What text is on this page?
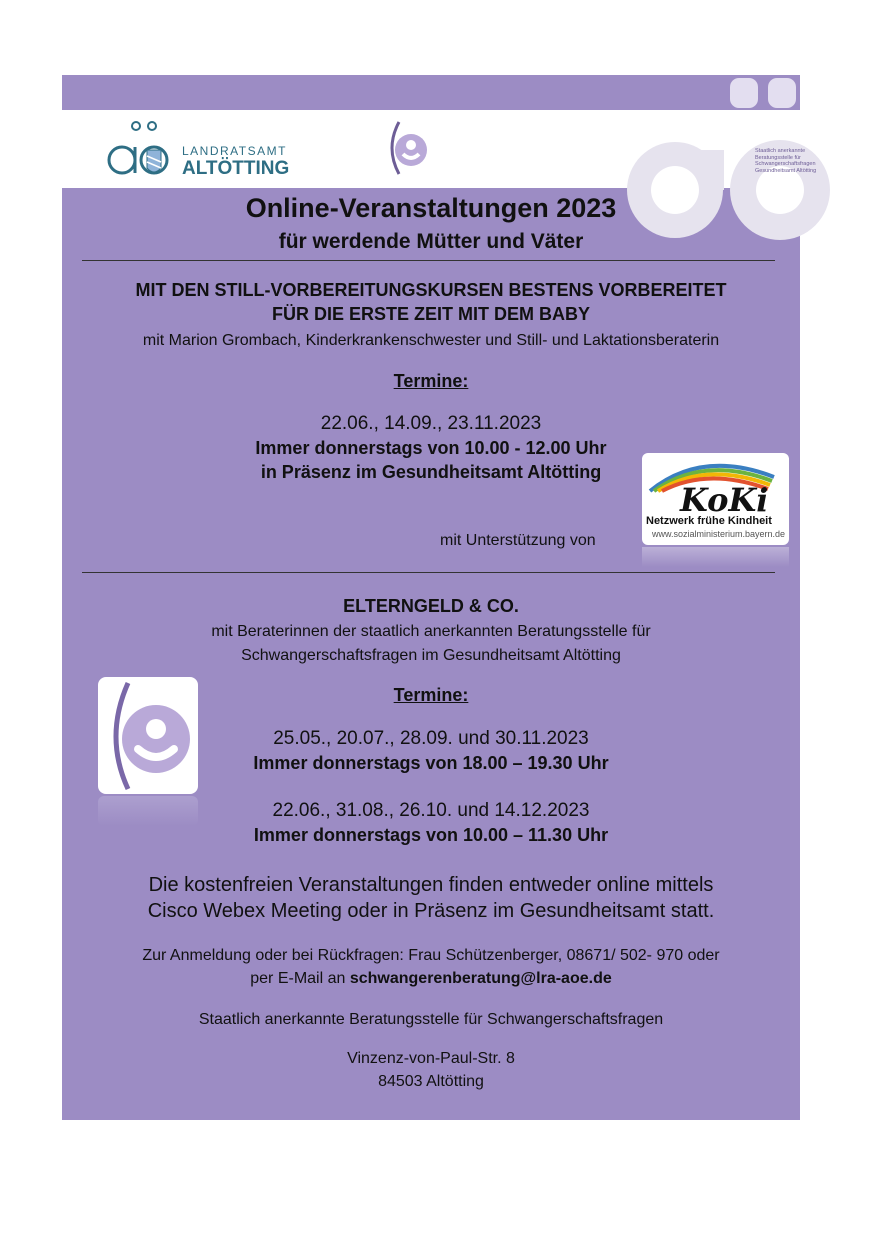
LANDRATSAMT
ALTÖTTING
Staatlich anerkannte Beratungsstelle für Schwangerschaftsfragen Gesundheitsamt Altötting
Online-Veranstaltungen 2023
für werdende Mütter und Väter
MIT DEN STILL-VORBEREITUNGSKURSEN BESTENS VORBEREITET
FÜR DIE ERSTE ZEIT MIT DEM BABY
mit Marion Grombach, Kinderkrankenschwester und Still- und Laktationsberaterin
Termine:
22.06., 14.09., 23.11.2023
Immer donnerstags von 10.00 - 12.00 Uhr
in Präsenz im Gesundheitsamt Altötting
mit Unterstützung von
KoKi
Netzwerk frühe Kindheit
www.sozialministerium.bayern.de
ELTERNGELD & CO.
mit Beraterinnen der staatlich anerkannten Beratungsstelle für
Schwangerschaftsfragen im Gesundheitsamt Altötting
Termine:
25.05., 20.07., 28.09. und 30.11.2023
Immer donnerstags von 18.00 – 19.30 Uhr
22.06., 31.08., 26.10. und 14.12.2023
Immer donnerstags von 10.00 – 11.30 Uhr
Die kostenfreien Veranstaltungen finden entweder online mittels
Cisco Webex Meeting oder in Präsenz im Gesundheitsamt statt.
Zur Anmeldung oder bei Rückfragen: Frau Schützenberger, 08671/ 502- 970 oder
per E-Mail an schwangerenberatung@lra-aoe.de
Staatlich anerkannte Beratungsstelle für Schwangerschaftsfragen
Vinzenz-von-Paul-Str. 8
84503 Altötting
